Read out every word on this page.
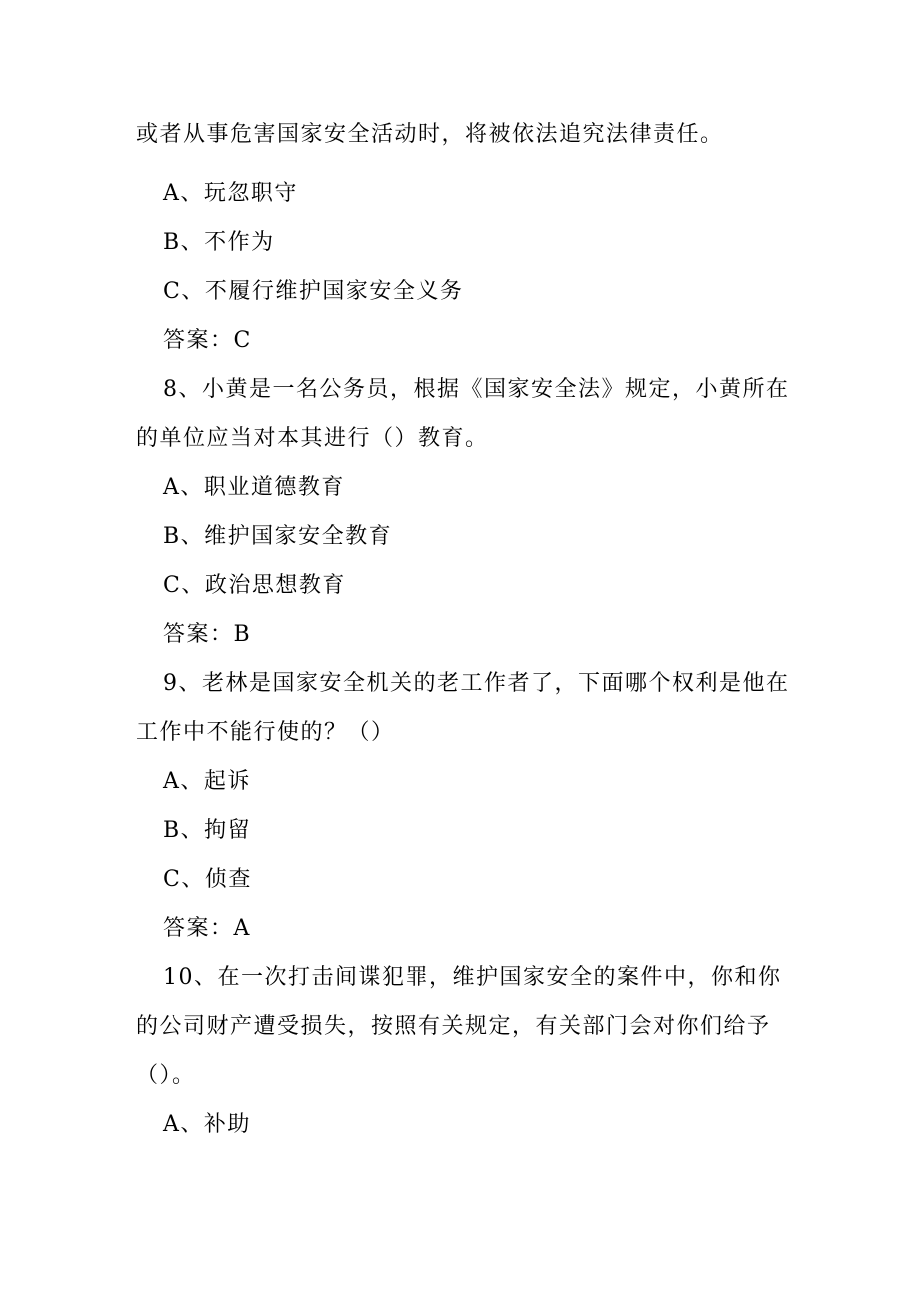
或者从事危害国家安全活动时，将被依法追究法律责任。
A、玩忽职守
B、不作为
C、不履行维护国家安全义务
答案：C
8、小黄是一名公务员，根据《国家安全法》规定，小黄所在
的单位应当对本其进行（）教育。
A、职业道德教育
B、维护国家安全教育
C、政治思想教育
答案：B
9、老林是国家安全机关的老工作者了，下面哪个权利是他在
工作中不能行使的？（）
A、起诉
B、拘留
C、侦查
答案：A
10、在一次打击间谍犯罪，维护国家安全的案件中，你和你
的公司财产遭受损失，按照有关规定，有关部门会对你们给予
（）。
A、补助
